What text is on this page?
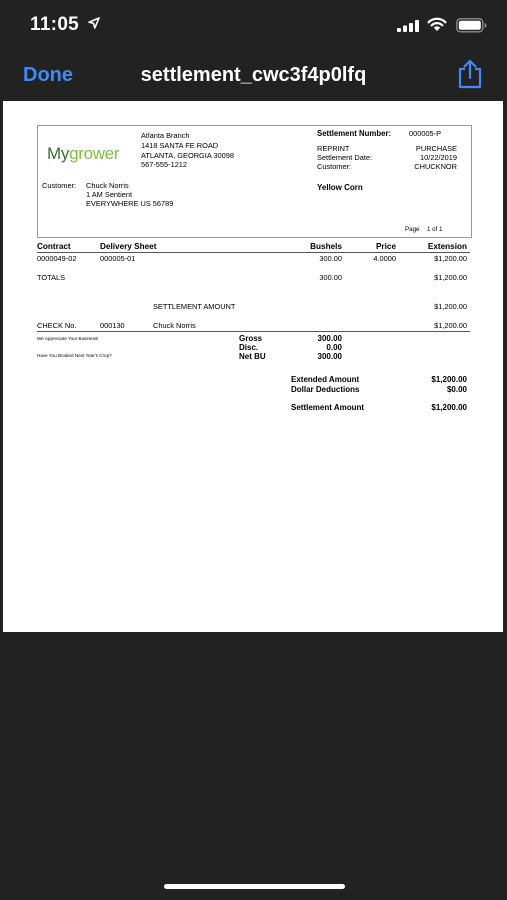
11:05
Done	settlement_cwc3f4p0lfq
Mygrower
Atlanta Branch
1418 SANTA FE ROAD
ATLANTA, GEORGIA 30098
567-555-1212
Settlement Number: 000005-P
REPRINT	PURCHASE
Settlement Date:	10/22/2019
Customer:	CHUCKNOR
Customer: Chuck Norris
1 AM Sentient
EVERYWHERE US 56789
Yellow Corn
Page 1 of 1
Contract	Delivery Sheet	Bushels	Price	Extension
0000049-02	000005-01	300.00	4.0000	$1,200.00
TOTALS	300.00	$1,200.00
SETTLEMENT AMOUNT	$1,200.00
CHECK No.	000130	Chuck Norris	$1,200.00
We Appreciate Your Business!
Have You Booked Next Year's Crop?
Gross	300.00
Disc.	0.00
Net BU	300.00
Extended Amount	$1,200.00
Dollar Deductions	$0.00
Settlement Amount	$1,200.00
